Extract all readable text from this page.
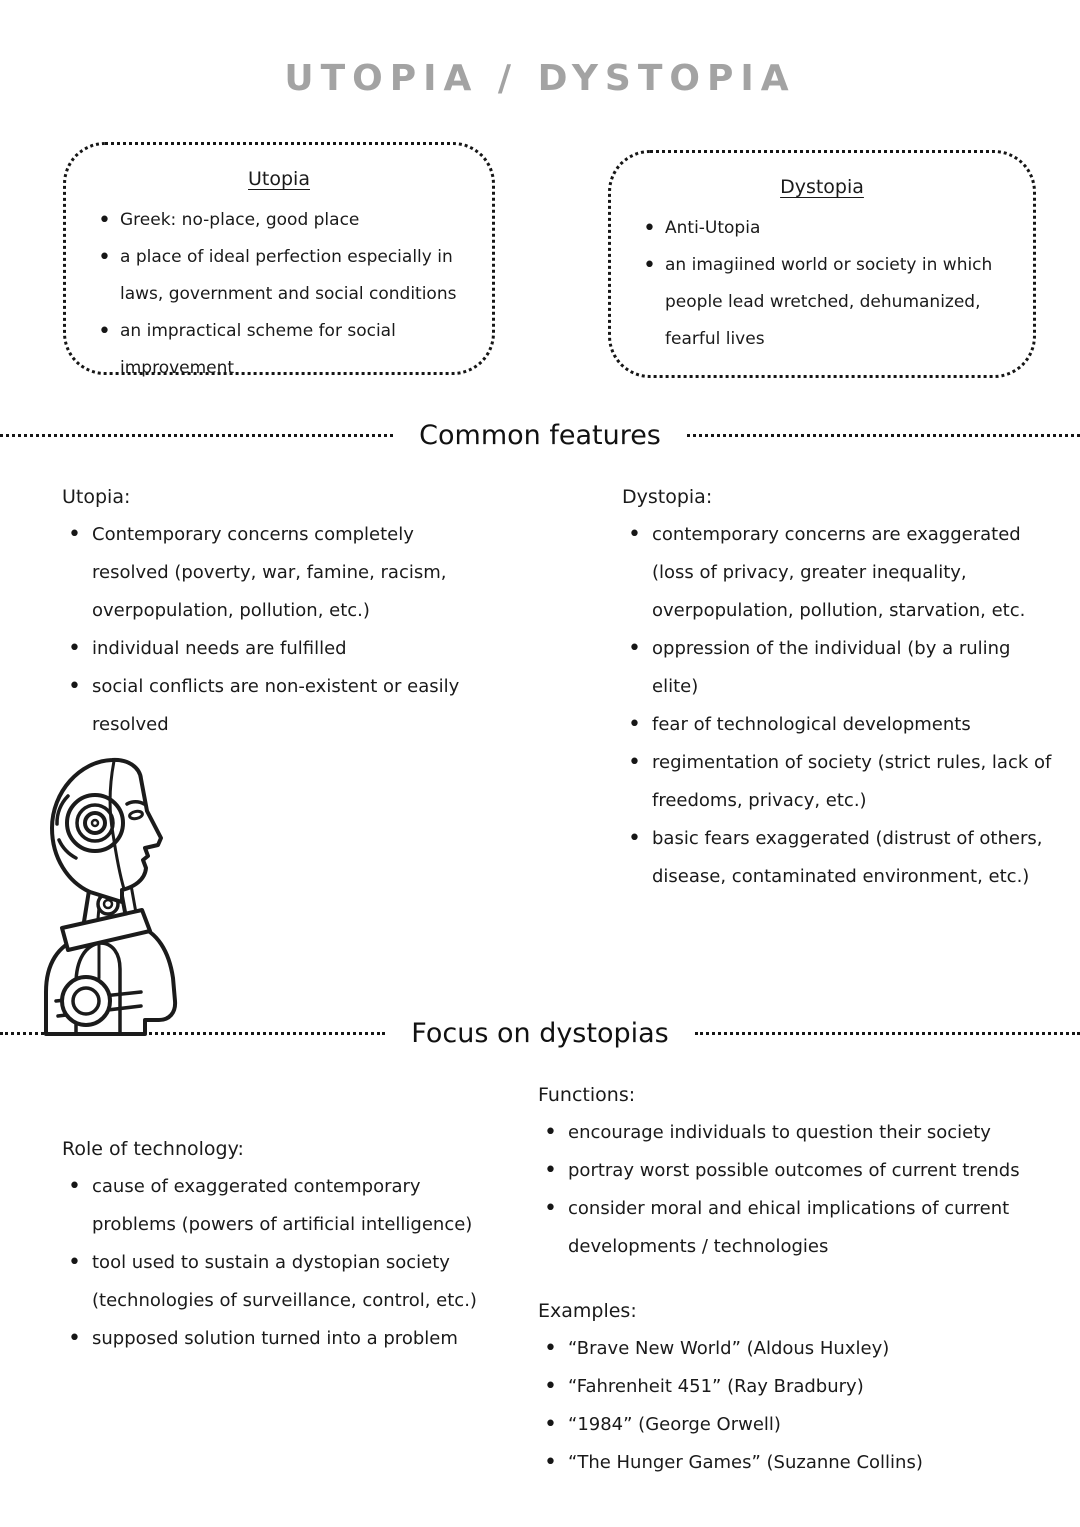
UTOPIA / DYSTOPIA
Utopia
• Greek: no-place, good place
• a place of ideal perfection especially in laws, government and social conditions
• an impractical scheme for social improvement
Dystopia
• Anti-Utopia
• an imagiined world or society in which people lead wretched, dehumanized, fearful lives
Common features
Utopia:
• Contemporary concerns completely resolved (poverty, war, famine, racism, overpopulation, pollution, etc.)
• individual needs are fulfilled
• social conflicts are non-existent or easily resolved
Dystopia:
• contemporary concerns are exaggerated (loss of privacy, greater inequality, overpopulation, pollution, starvation, etc.
• oppression of the individual (by a ruling elite)
• fear of technological developments
• regimentation of society (strict rules, lack of freedoms, privacy, etc.)
• basic fears exaggerated (distrust of others, disease, contaminated environment, etc.)
Focus on dystopias
Role of technology:
• cause of exaggerated contemporary problems (powers of artificial intelligence)
• tool used to sustain a dystopian society (technologies of surveillance, control, etc.)
• supposed solution turned into a problem
Functions:
• encourage individuals to question their society
• portray worst possible outcomes of current trends
• consider moral and ehical implications of current developments / technologies
Examples:
• “Brave New World” (Aldous Huxley)
• “Fahrenheit 451” (Ray Bradbury)
• “1984” (George Orwell)
• “The Hunger Games” (Suzanne Collins)
